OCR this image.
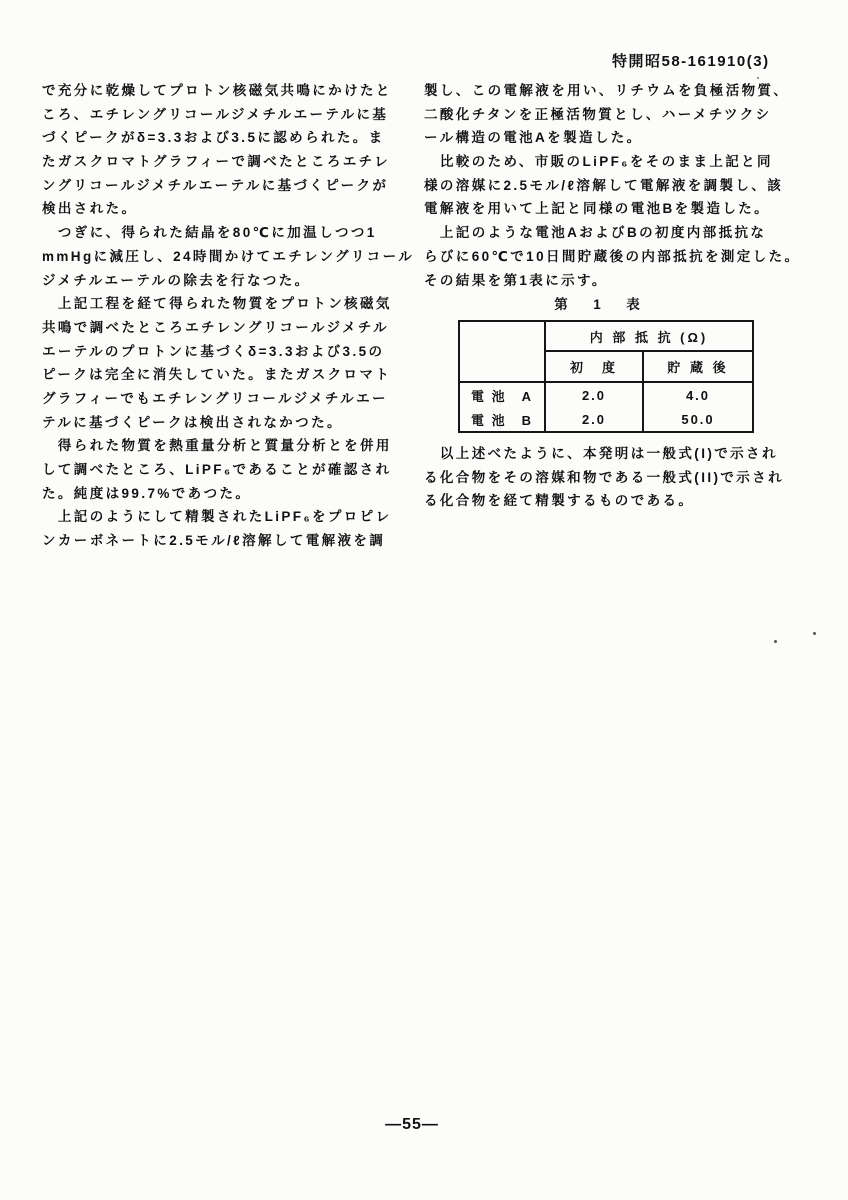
特開昭58-161910(3)
で充分に乾燥してプロトン核磁気共鳴にかけたと
ころ、エチレングリコールジメチルエーテルに基
づくピークがδ=3.3および3.5に認められた。ま
たガスクロマトグラフィーで調べたところエチレ
ングリコールジメチルエーテルに基づくピークが
検出された。
　つぎに、得られた結晶を80℃に加温しつつ1
mmHgに減圧し、24時間かけてエチレングリコール
ジメチルエーテルの除去を行なつた。
　上記工程を経て得られた物質をプロトン核磁気
共鳴で調べたところエチレングリコールジメチル
エーテルのプロトンに基づくδ=3.3および3.5の
ピークは完全に消失していた。またガスクロマト
グラフィーでもエチレングリコールジメチルエー
テルに基づくピークは検出されなかつた。
　得られた物質を熱重量分析と質量分析とを併用
して調べたところ、LiPF₆であることが確認され
た。純度は99.7%であつた。
　上記のようにして精製されたLiPF₆をプロピレ
ンカーボネートに2.5モル/ℓ溶解して電解液を調
製し、この電解液を用い、リチウムを負極活物質、
二酸化チタンを正極活物質とし、ハーメチツクシ
ール構造の電池Aを製造した。
　比較のため、市販のLiPF₆をそのまま上記と同
様の溶媒に2.5モル/ℓ溶解して電解液を調製し、該
電解液を用いて上記と同様の電池Bを製造した。
　上記のような電池AおよびBの初度内部抵抗な
らびに60℃で10日間貯蔵後の内部抵抗を測定した。
その結果を第1表に示す。
第　1　表
	内 部 抵 抗 (Ω)	
	初　度	貯 蔵 後
電 池　A	2.0	4.0
電 池　B	2.0	50.0
　以上述べたように、本発明は一般式(I)で示され
る化合物をその溶媒和物である一般式(II)で示され
る化合物を経て精製するものである。
—55—
